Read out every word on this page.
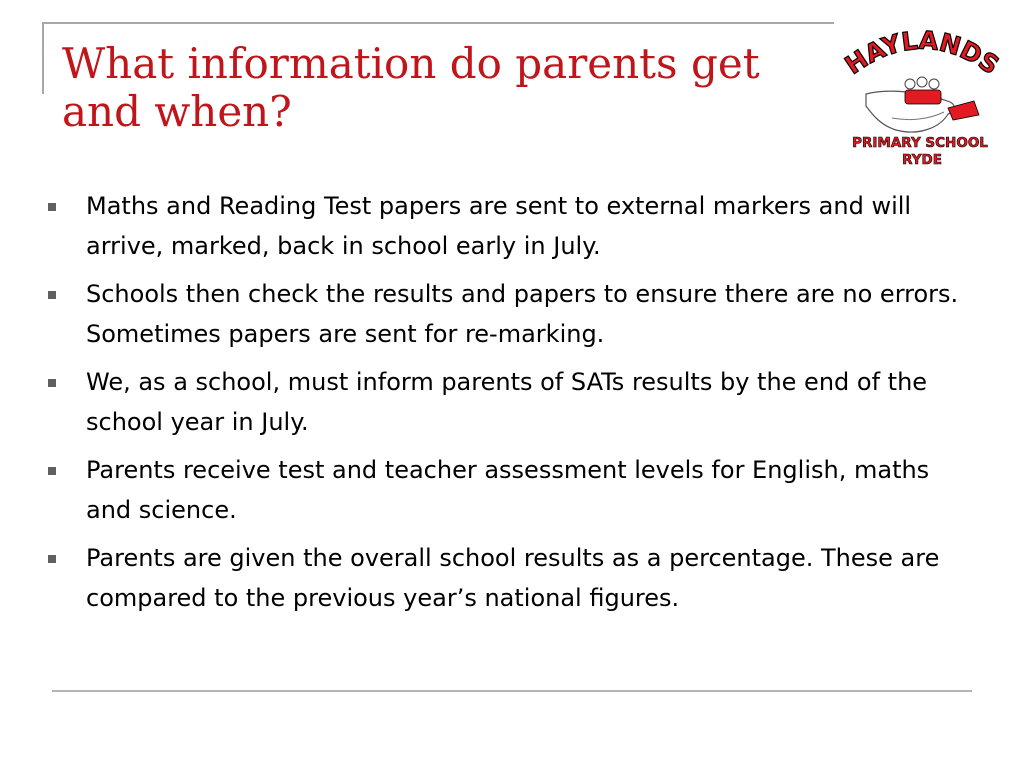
What information do parents get and when?
HAYLANDS
PRIMARY SCHOOL
RYDE
Maths and Reading Test papers are sent to external markers and will arrive, marked, back in school early in July.
Schools then check the results and papers to ensure there are no errors.  Sometimes papers are sent for re-marking.
We, as a school, must inform parents of SATs results by the end of the school year in July.
Parents receive test and teacher assessment levels for English, maths and science.
Parents are given the overall school results as a percentage. These are compared to the previous year’s national figures.
